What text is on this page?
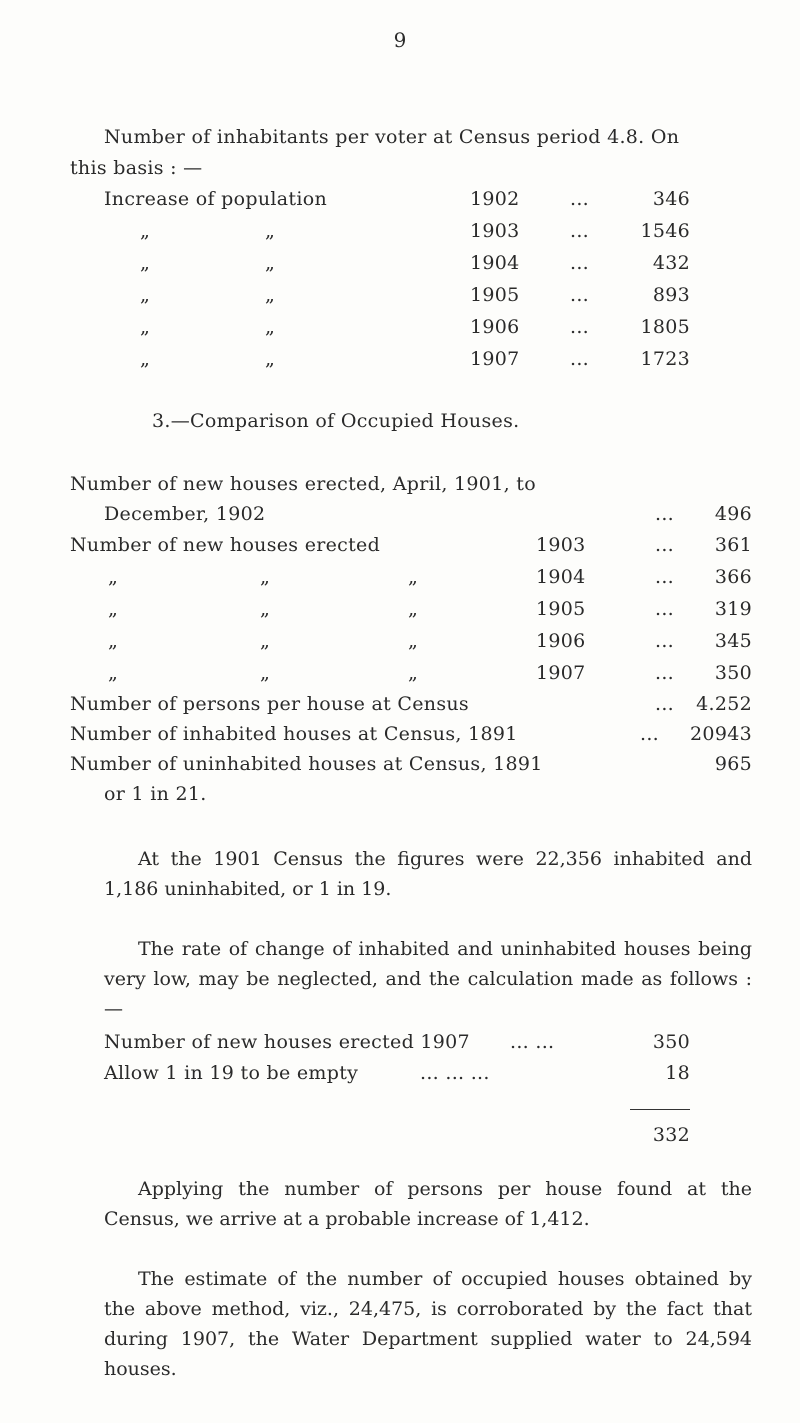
9
Number of inhabitants per voter at Census period 4.8. On
this basis : —
Increase of population	1902	...	346
„	„	1903	...	1546
„	„	1904	...	432
„	„	1905	...	893
„	„	1906	...	1805
„	„	1907	...	1723
3.—Comparison of Occupied Houses.
Number of new houses erected, April, 1901, to
December, 1902	...	496
Number of new houses erected	1903	...	361
„	„	„	1904	...	366
„	„	„	1905	...	319
„	„	„	1906	...	345
„	„	„	1907	...	350
Number of persons per house at Census	...	4.252
Number of inhabited houses at Census, 1891	...	20943
Number of uninhabited houses at Census, 1891	965
or 1 in 21.

At the 1901 Census the figures were 22,356 inhabited and 1,186 uninhabited, or 1 in 19.

The rate of change of inhabited and uninhabited houses being very low, may be neglected, and the calculation made as follows : —

Number of new houses erected 1907 ... ...	350
Allow 1 in 19 to be empty	... ... ...	18
332

Applying the number of persons per house found at the Census, we arrive at a probable increase of 1,412.

The estimate of the number of occupied houses obtained by the above method, viz., 24,475, is corroborated by the fact that during 1907, the Water Department supplied water to 24,594 houses.
